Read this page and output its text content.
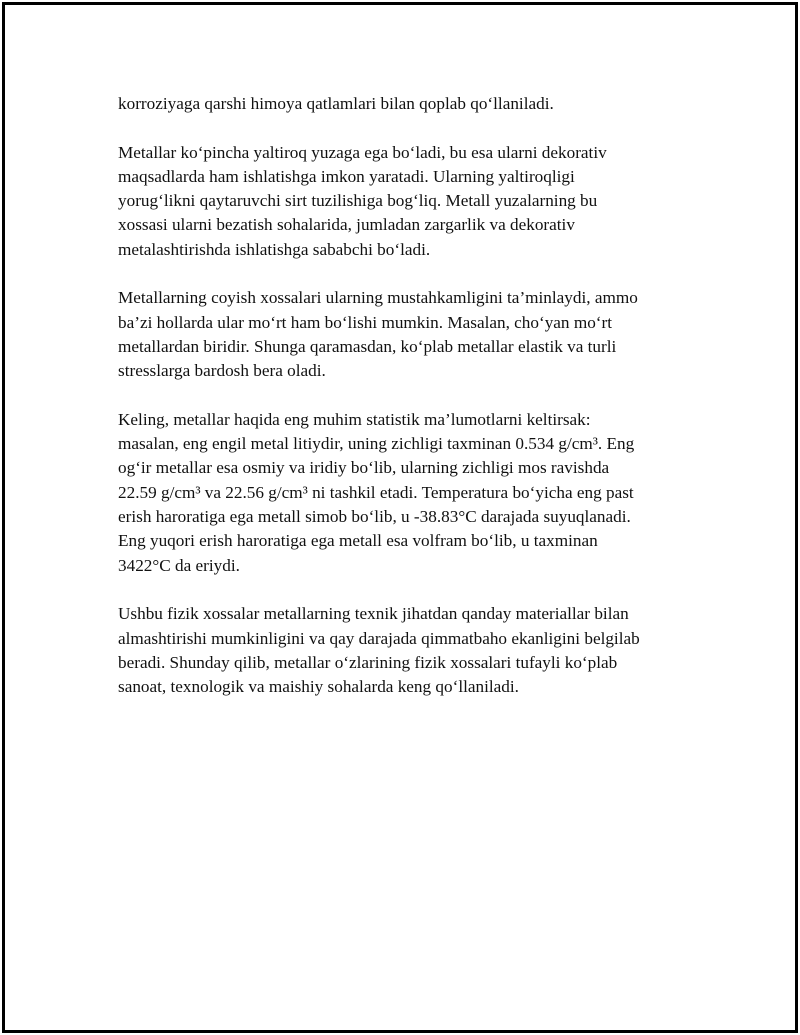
korroziyaga qarshi himoya qatlamlari bilan qoplab qo‘llaniladi.

Metallar ko‘pincha yaltiroq yuzaga ega bo‘ladi, bu esa ularni dekorativ
maqsadlarda ham ishlatishga imkon yaratadi. Ularning yaltiroqligi
yorug‘likni qaytaruvchi sirt tuzilishiga bog‘liq. Metall yuzalarning bu
xossasi ularni bezatish sohalarida, jumladan zargarlik va dekorativ
metalashtirishda ishlatishga sababchi bo‘ladi.

Metallarning coyish xossalari ularning mustahkamligini ta’minlaydi, ammo
ba’zi hollarda ular mo‘rt ham bo‘lishi mumkin. Masalan, cho‘yan mo‘rt
metallardan biridir. Shunga qaramasdan, ko‘plab metallar elastik va turli
stresslarga bardosh bera oladi.

Keling, metallar haqida eng muhim statistik ma’lumotlarni keltirsak:
masalan, eng engil metal litiydir, uning zichligi taxminan 0.534 g/cm³. Eng
og‘ir metallar esa osmiy va iridiy bo‘lib, ularning zichligi mos ravishda
22.59 g/cm³ va 22.56 g/cm³ ni tashkil etadi. Temperatura bo‘yicha eng past
erish haroratiga ega metall simob bo‘lib, u -38.83°C darajada suyuqlanadi.
Eng yuqori erish haroratiga ega metall esa volfram bo‘lib, u taxminan
3422°C da eriydi.

Ushbu fizik xossalar metallarning texnik jihatdan qanday materiallar bilan
almashtirishi mumkinligini va qay darajada qimmatbaho ekanligini belgilab
beradi. Shunday qilib, metallar o‘zlarining fizik xossalari tufayli ko‘plab
sanoat, texnologik va maishiy sohalarda keng qo‘llaniladi.
